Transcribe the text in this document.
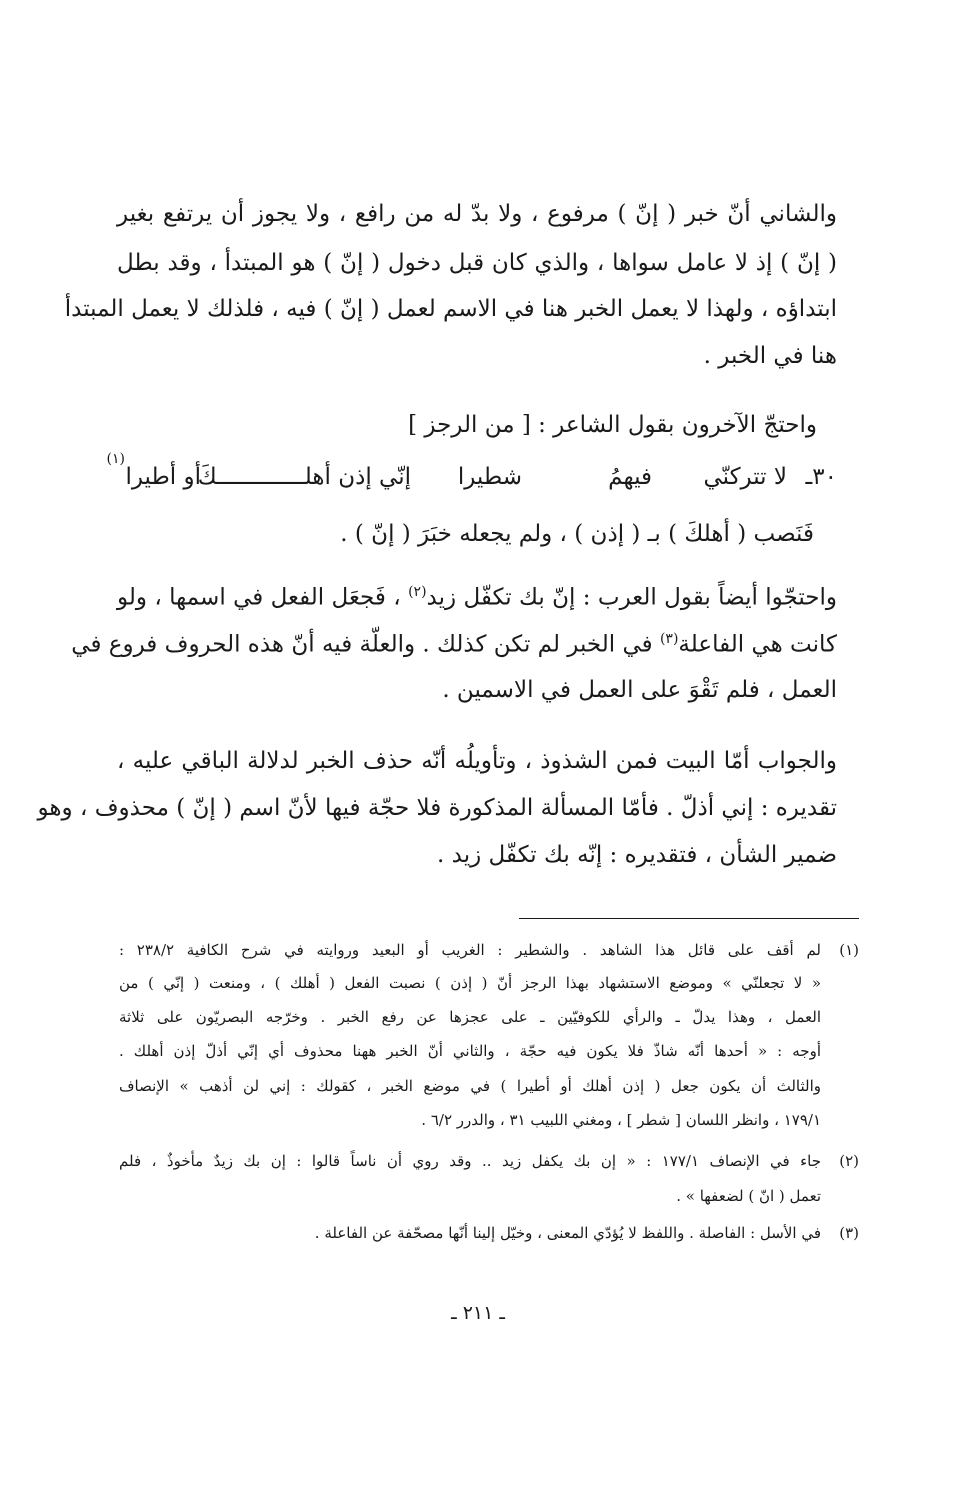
والشاني أنّ خبر ( إنّ ) مرفوع ، ولا بدّ له من رافع ، ولا يجوز أن يرتفع بغير
( إنّ ) إذ لا عامل سواها ، والذي كان قبل دخول ( إنّ ) هو المبتدأ ، وقد بطل
ابتداؤه ، ولهذا لا يعمل الخبر هنا في الاسم لعمل ( إنّ ) فيه ، فلذلك لا يعمل المبتدأ
هنا في الخبر .
واحتجّ الآخرون بقول الشاعر : [ من الرجز ]
٣٠ـ
لا تتركنّي
فيهمُ
شطيرا
إنّي إذن أهلـــــــــــــكَ
أو أطيرا
(١)
فَنَصب ( أهلكَ ) بـ ( إذن ) ، ولم يجعله خبَرَ ( إنّ ) .
واحتجّوا أيضاً بقول العرب : إنّ بك تكفّل زيد$^{(٢)}$ ، فَجعَل الفعل في اسمها ، ولو
كانت هي الفاعلة$^{(٣)}$ في الخبر لم تكن كذلك . والعلّة فيه أنّ هذه الحروف فروع في
العمل ، فلم تَقْوَ على العمل في الاسمين .
والجواب أمّا البيت فمن الشذوذ ، وتأويلُه أنّه حذف الخبر لدلالة الباقي عليه ،
تقديره : إني أذلّ . فأمّا المسألة المذكورة فلا حجّة فيها لأنّ اسم ( إنّ ) محذوف ، وهو
ضمير الشأن ، فتقديره : إنّه بك تكفّل زيد .
(١)
لم أقف على قائل هذا الشاهد . والشطير : الغريب أو البعيد وروايته في شرح الكافية ٢٣٨/٢ :
« لا تجعلنّي » وموضع الاستشهاد بهذا الرجز أنّ ( إذن ) نصبت الفعل ( أهلك ) ، ومنعت ( إنّي ) من
العمل ، وهذا يدلّ ـ والرأي للكوفيّين ـ على عجزها عن رفع الخبر . وخرّجه البصريّون على ثلاثة
أوجه : « أحدها أنّه شاذّ فلا يكون فيه حجّة ، والثاني أنّ الخبر ههنا محذوف أي إنّي أذلّ إذن أهلك .
والثالث أن يكون جعل ( إذن أهلك أو أطيرا ) في موضع الخبر ، كقولك : إني لن أذهب » الإنصاف
١٧٩/١ ، وانظر اللسان [ شطر ] ، ومغني اللبيب ٣١ ، والدرر ٦/٢ .
(٢)
جاء في الإنصاف ١٧٧/١ : « إن بك يكفل زيد .. وقد روي أن ناساً قالوا : إن بك زيدٌ مأخوذٌ ، فلم
تعمل ( انّ ) لضعفها » .
(٣)
في الأسل : الفاصلة . واللفظ لا يُؤدّي المعنى ، وخيّل إلينا أنّها مصحّفة عن الفاعلة .
ـ ٢١١ ـ
